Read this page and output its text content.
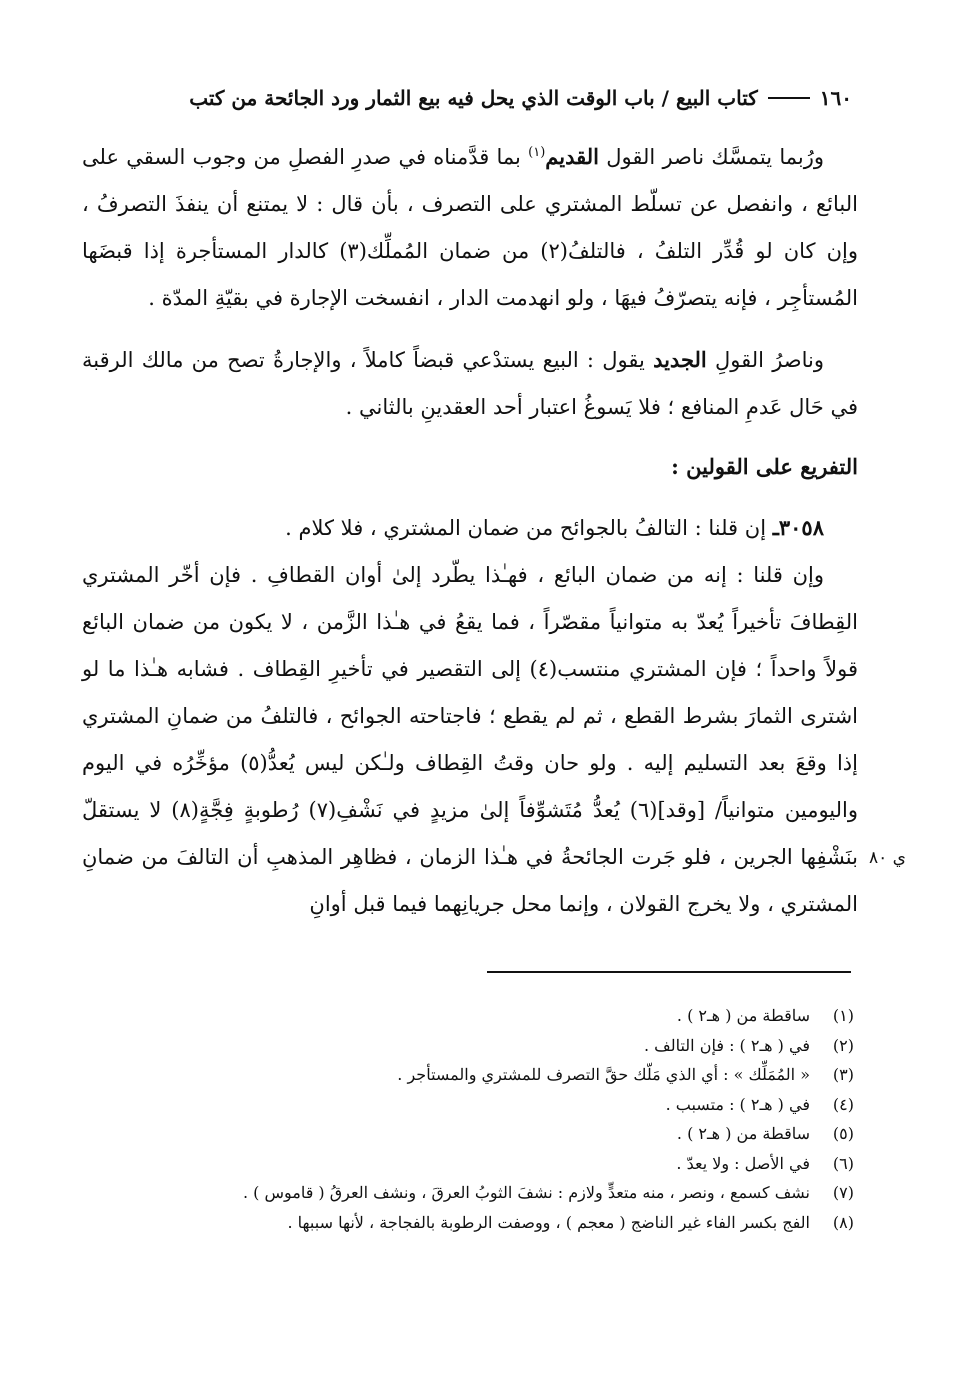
١٦٠
كتاب البيع / باب الوقت الذي يحل فيه بيع الثمار ورد الجائحة من كتب

ورُبما يتمسَّك ناصر القول القديم$^{(١)}$ بما قدَّمناه في صدرِ الفصلِ من وجوب السقي على البائع ، وانفصل عن تسلّط المشتري على التصرف ، بأن قال : لا يمتنع أن ينفذَ التصرفُ ، وإن كان لو قُدِّر التلفُ ، فالتلفُ(٢) من ضمان المُملِّك(٣) كالدار المستأجرة إذا قبضَها المُستأجِر ، فإنه يتصرّفُ فيهَا ، ولو انهدمت الدار ، انفسخت الإجارة في بقيّةِ المدّة .

وناصرُ القولِ الجديد يقول : البيع يستدْعي قبضاً كاملاً ، والإجارةُ تصح من مالك الرقبة في حَال عَدمِ المنافع ؛ فلا يَسوغُ اعتبار أحد العقدينِ بالثاني .

التفريع على القولين :

٣٠٥٨ـ إن قلنا : التالفُ بالجوائح من ضمان المشتري ، فلا كلام .

وإن قلنا : إنه من ضمان البائع ، فهـٰذا يطّرد إلىٰ أوان القطافِ . فإن أخّر المشتري القِطافَ تأخيراً يُعدّ به متوانياً مقصّراً ، فما يقعُ في هـٰذا الزَّمن ، لا يكون من ضمان البائع قولاً واحداً ؛ فإن المشتري منتسب(٤) إلى التقصير في تأخيرِ القِطاف . فشابه هـٰذا ما لو اشترى الثمارَ بشرط القطع ، ثم لم يقطع ؛ فاجتاحته الجوائح ، فالتلفُ من ضمانِ المشتري إذا وقعَ بعد التسليم إليه . ولو حان وقتُ القِطاف ولـٰكن ليس يُعدُّ(٥) مؤخِّرُه في اليوم واليومين متوانياً/ [وقد](٦) يُعدُّ مُتَشوِّفاً إلىٰ مزيدٍ في نَشْفِ(٧) رُطوبةٍ فِجَّةٍ(٨) لا يستقلّ بنَشْفِها الجرين ، فلو جَرت الجائحةُ في هـٰذا الزمان ، فظاهِر المذهبِ أن التالفَ من ضمانِ المشتري ، ولا يخرج القولان ، وإنما محل جريانِهما فيما قبل أوانِ

ي ٨٠
(١)ساقطة من ( هـ٢ ) .
(٢)في ( هـ٢ ) : فإن التالف .
(٣)« المُمَلِّك » : أي الذي مَلّك حقَّ التصرف للمشتري والمستأجر .
(٤)في ( هـ٢ ) : متسبب .
(٥)ساقطة من ( هـ٢ ) .
(٦)في الأصل : ولا يعدّ .
(٧)نشف كسمع ، ونصر ، منه متعدٍّ ولازم : نشفَ الثوبُ العرقَ ، ونشف العرقُ ( قاموس ) .
(٨)الفج بكسر الفاء غير الناضج ( معجم ) ، ووصفت الرطوبة بالفجاجة ، لأنها سببها .
